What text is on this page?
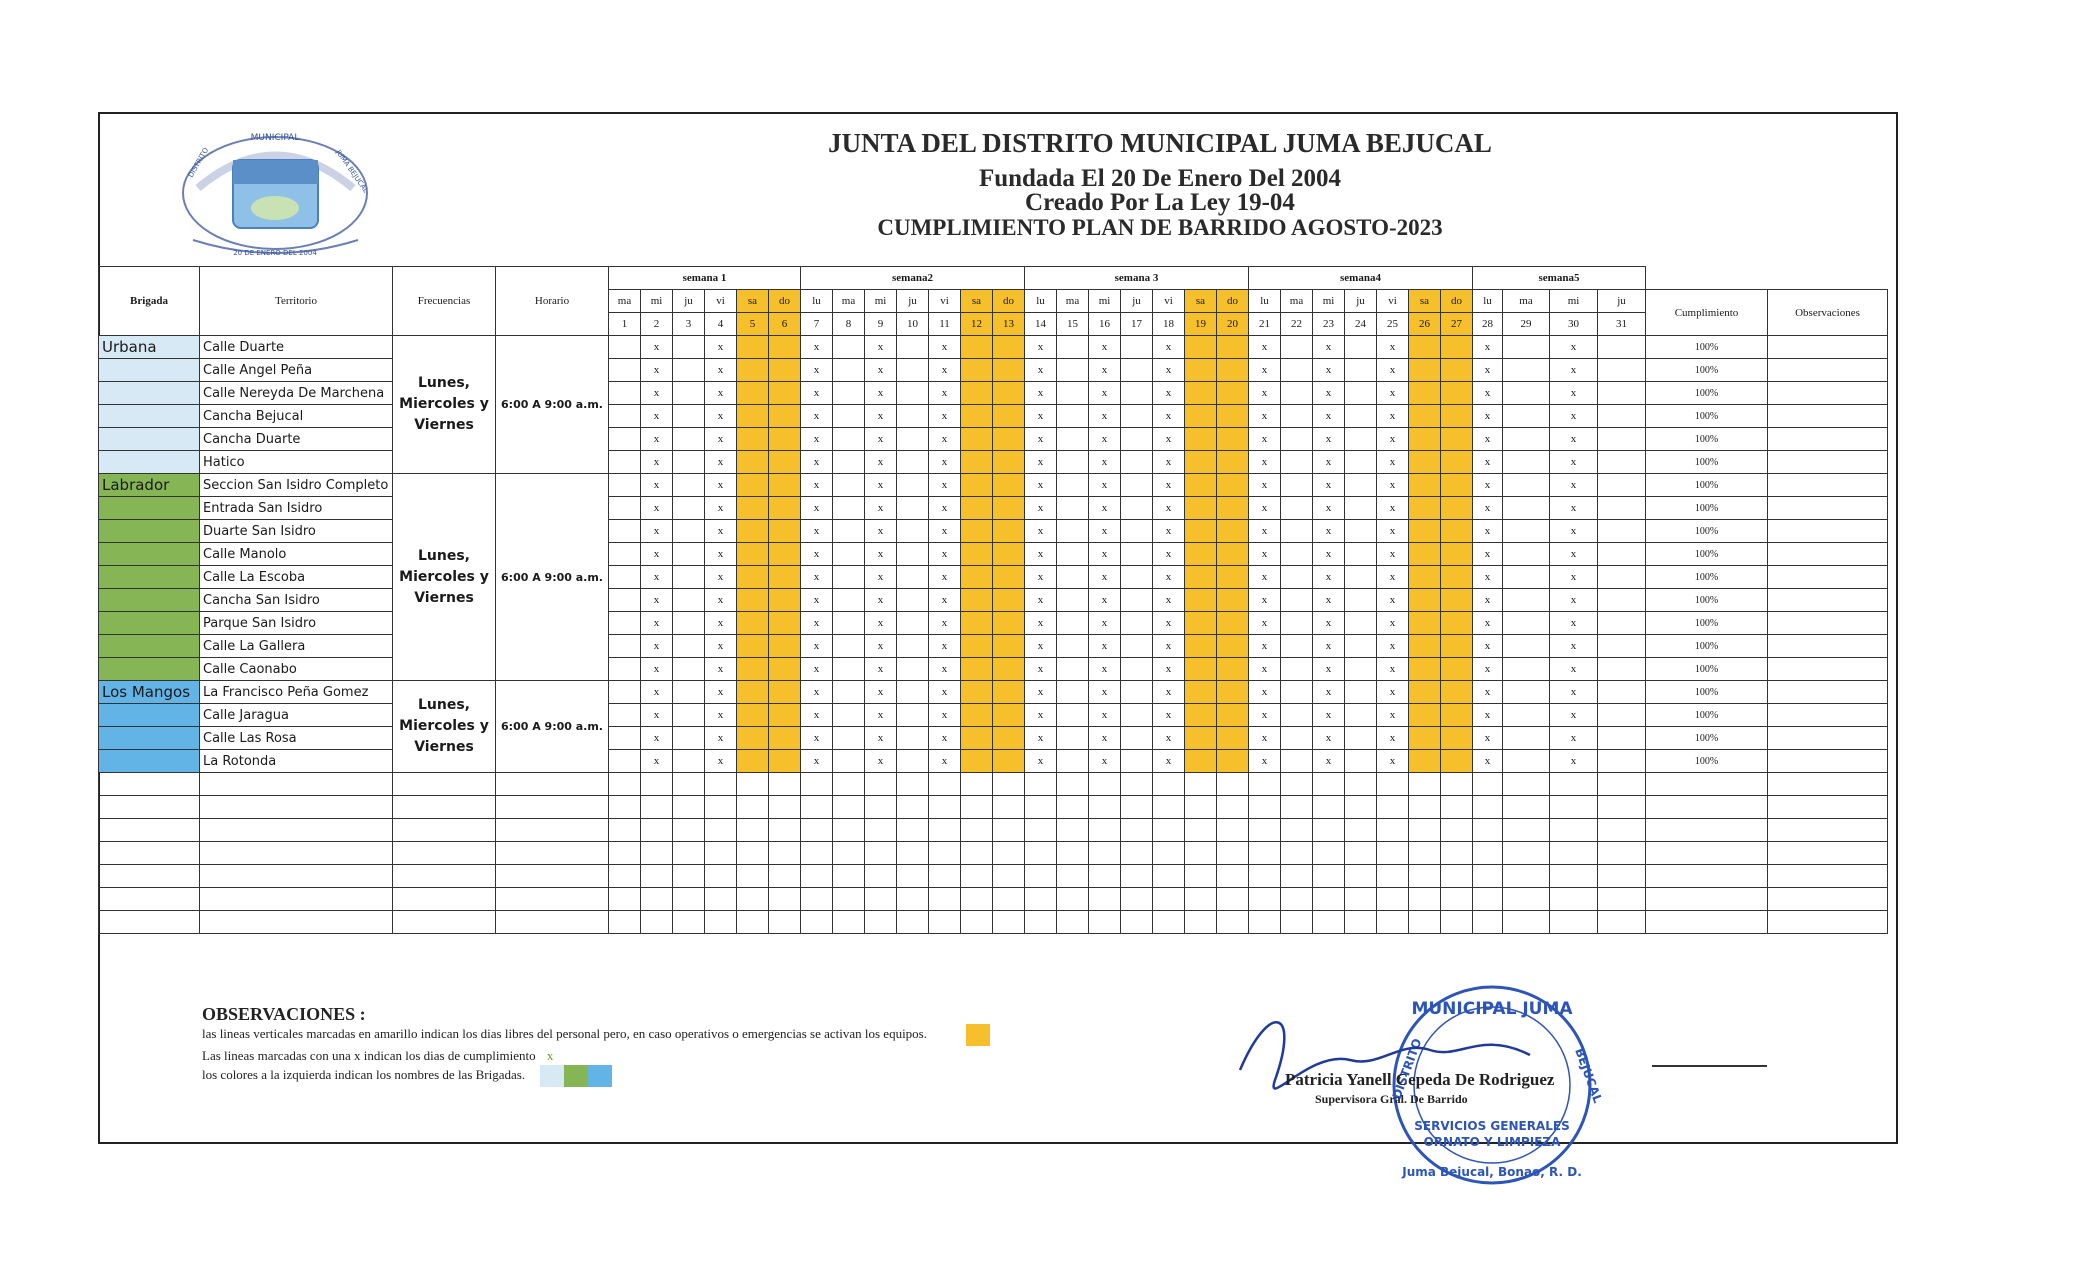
MUNICIPAL
DISTRITO	JUMA BEJUCAL
20 DE ENERO DEL 2004
JUNTA DEL DISTRITO MUNICIPAL JUMA BEJUCAL
Fundada El 20 De Enero Del 2004
Creado Por La Ley 19-04
CUMPLIMIENTO PLAN DE BARRIDO AGOSTO-2023
Brigada	Territorio	Frecuencias	Horario	semana 1						semana2							semana 3							semana4							semana5					
				ma	mi	ju	vi	sa	do	lu	ma	mi	ju	vi	sa	do	lu	ma	mi	ju	vi	sa	do	lu	ma	mi	ju	vi	sa	do	lu	ma	mi	ju	Cumplimiento	Observaciones
				1	2	3	4	5	6	7	8	9	10	11	12	13	14	15	16	17	18	19	20	21	22	23	24	25	26	27	28	29	30	31		
Urbana	Calle Duarte	Lunes, Miercoles y Viernes	6:00 A 9:00 a.m.		x		x			x		x		x			x		x		x			x		x		x			x		x		100%	
	Calle Angel Peña				x		x			x		x		x			x		x		x			x		x		x			x		x		100%	
	Calle Nereyda De Marchena				x		x			x		x		x			x		x		x			x		x		x			x		x		100%	
	Cancha Bejucal				x		x			x		x		x			x		x		x			x		x		x			x		x		100%	
	Cancha Duarte				x		x			x		x		x			x		x		x			x		x		x			x		x		100%	
	Hatico				x		x			x		x		x			x		x		x			x		x		x			x		x		100%	
Labrador	Seccion San Isidro Completo	Lunes, Miercoles y Viernes	6:00 A 9:00 a.m.		x		x			x		x		x			x		x		x			x		x		x			x		x		100%	
	Entrada San Isidro				x		x			x		x		x			x		x		x			x		x		x			x		x		100%	
	Duarte San Isidro				x		x			x		x		x			x		x		x			x		x		x			x		x		100%	
	Calle Manolo				x		x			x		x		x			x		x		x			x		x		x			x		x		100%	
	Calle La Escoba				x		x			x		x		x			x		x		x			x		x		x			x		x		100%	
	Cancha San Isidro				x		x			x		x		x			x		x		x			x		x		x			x		x		100%	
	Parque San Isidro				x		x			x		x		x			x		x		x			x		x		x			x		x		100%	
	Calle La Gallera				x		x			x		x		x			x		x		x			x		x		x			x		x		100%	
	Calle Caonabo				x		x			x		x		x			x		x		x			x		x		x			x		x		100%	
Los Mangos	La Francisco Peña Gomez	Lunes, Miercoles y Viernes	6:00 A 9:00 a.m.		x		x			x		x		x			x		x		x			x		x		x			x		x		100%	
	Calle Jaragua				x		x			x		x		x			x		x		x			x		x		x			x		x		100%	
	Calle Las Rosa				x		x			x		x		x			x		x		x			x		x		x			x		x		100%	
	La Rotonda				x		x			x		x		x			x		x		x			x		x		x			x		x		100%	

OBSERVACIONES :
las lineas verticales marcadas en amarillo indican los dias libres del personal pero, en caso operativos o emergencias se activan los equipos.
Las lineas marcadas con una x indican los dias de cumplimiento x
los colores a la izquierda indican los nombres de las Brigadas.
MUNICIPAL JUMA
DISTRITO	BEJUCAL
SERVICIOS GENERALES
ORNATO Y LIMPIEZA
Juma Bejucal, Bonao, R. D.
Patricia Yanell Cepeda De Rodriguez
Supervisora Gral. De Barrido
